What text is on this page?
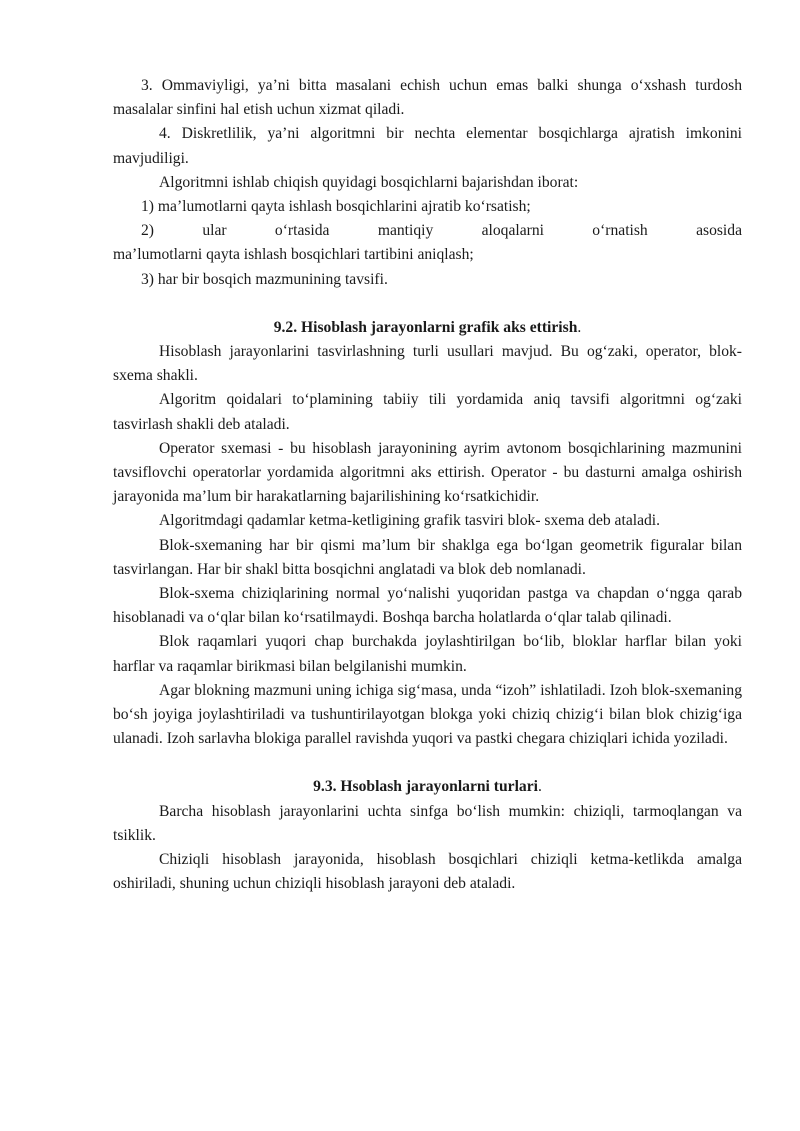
3. Ommaviyligi, ya’ni bitta masalani echish uchun emas balki shunga o‘xshash turdosh masalalar sinfini hal etish uchun xizmat qiladi.

4. Diskretlilik, ya’ni algoritmni bir nechta elementar bosqichlarga ajratish imkonini mavjudiligi.

Algoritmni ishlab chiqish quyidagi bosqichlarni bajarishdan iborat:

1) ma’lumotlarni qayta ishlash bosqichlarini ajratib ko‘rsatish;

2) ular o‘rtasida mantiqiy aloqalarni o‘rnatish asosida

ma’lumotlarni qayta ishlash bosqichlari tartibini aniqlash;

3) har bir bosqich mazmunining tavsifi.

9.2. Hisoblash jarayonlarni grafik aks ettirish.

Hisoblash jarayonlarini tasvirlashning turli usullari mavjud. Bu og‘zaki, operator, blok-sxema shakli.

Algoritm qoidalari to‘plamining tabiiy tili yordamida aniq tavsifi algoritmni og‘zaki tasvirlash shakli deb ataladi.

Operator sxemasi - bu hisoblash jarayonining ayrim avtonom bosqichlarining mazmunini tavsiflovchi operatorlar yordamida algoritmni aks ettirish. Operator - bu dasturni amalga oshirish jarayonida ma’lum bir harakatlarning bajarilishining ko‘rsatkichidir.

Algoritmdagi qadamlar ketma-ketligining grafik tasviri blok- sxema deb ataladi.

Blok-sxemaning har bir qismi ma’lum bir shaklga ega bo‘lgan geometrik figuralar bilan tasvirlangan. Har bir shakl bitta bosqichni anglatadi va blok deb nomlanadi.

Blok-sxema chiziqlarining normal yo‘nalishi yuqoridan pastga va chapdan o‘ngga qarab hisoblanadi va o‘qlar bilan ko‘rsatilmaydi. Boshqa barcha holatlarda o‘qlar talab qilinadi.

Blok raqamlari yuqori chap burchakda joylashtirilgan bo‘lib, bloklar harflar bilan yoki harflar va raqamlar birikmasi bilan belgilanishi mumkin.

Agar blokning mazmuni uning ichiga sig‘masa, unda “izoh” ishlatiladi. Izoh blok-sxemaning bo‘sh joyiga joylashtiriladi va tushuntirilayotgan blokga yoki chiziq chizig‘i bilan blok chizig‘iga ulanadi. Izoh sarlavha blokiga parallel ravishda yuqori va pastki chegara chiziqlari ichida yoziladi.

9.3. Hsoblash jarayonlarni turlari.

Barcha hisoblash jarayonlarini uchta sinfga bo‘lish mumkin: chiziqli, tarmoqlangan va tsiklik.

Chiziqli hisoblash jarayonida, hisoblash bosqichlari chiziqli ketma-ketlikda amalga oshiriladi, shuning uchun chiziqli hisoblash jarayoni deb ataladi.
